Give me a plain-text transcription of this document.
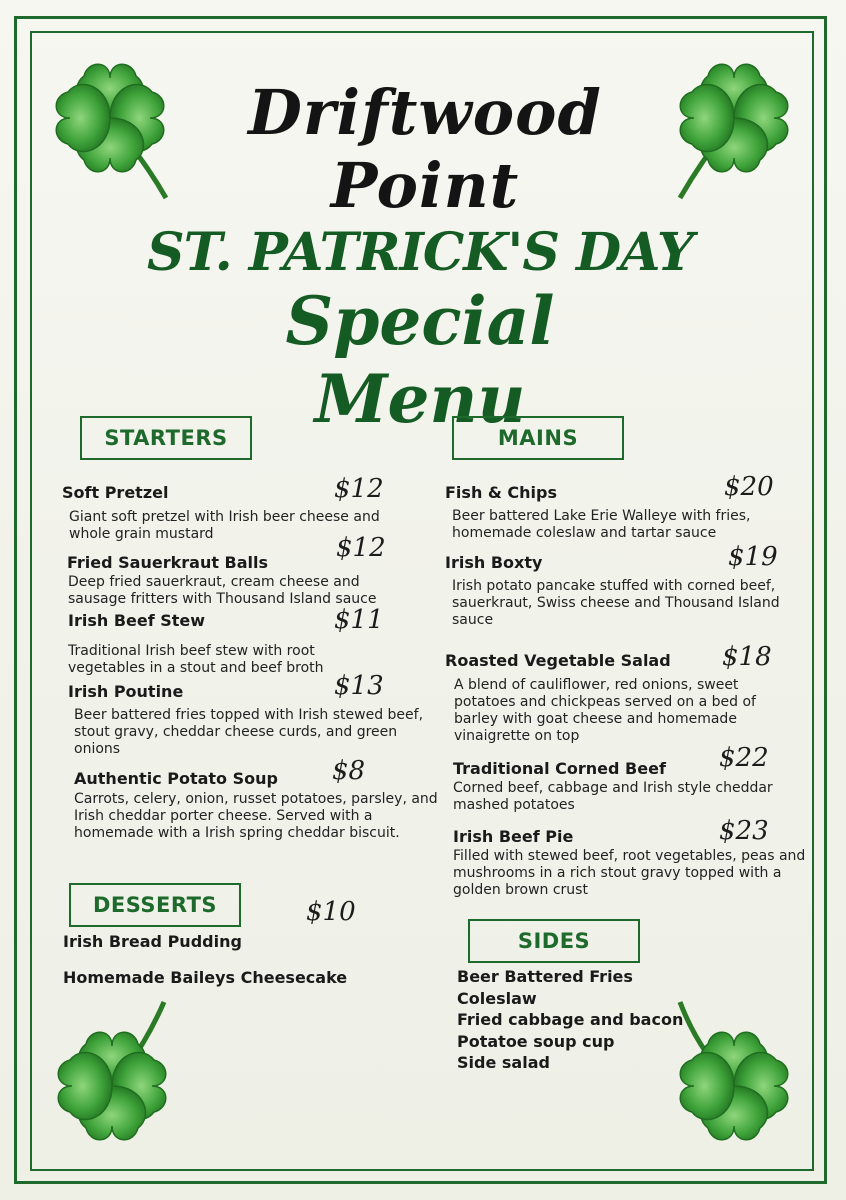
Driftwood Point
ST. PATRICK'S DAY
Special Menu
STARTERS	MAINS
DESSERTS
SIDES
Soft Pretzel	$12
Giant soft pretzel with Irish beer cheese and whole grain mustard
Fried Sauerkraut Balls	$12
Deep fried sauerkraut, cream cheese and sausage fritters with Thousand Island sauce
Irish Beef Stew	$11
Traditional Irish beef stew with root vegetables in a stout and beef broth
Irish Poutine	$13
Beer battered fries topped with Irish stewed beef, stout gravy, cheddar cheese curds, and green onions
Authentic Potato Soup $8
Carrots, celery, onion, russet potatoes, parsley, and Irish cheddar porter cheese. Served with a homemade with a Irish spring cheddar biscuit.
Fish & Chips	$20
Beer battered Lake Erie Walleye with fries, homemade coleslaw and tartar sauce
Irish Boxty	$19
Irish potato pancake stuffed with corned beef, sauerkraut, Swiss cheese and Thousand Island sauce
Roasted Vegetable Salad $18
A blend of cauliflower, red onions, sweet potatoes and chickpeas served on a bed of barley with goat cheese and homemade vinaigrette on top
Traditional Corned Beef $22
Corned beef, cabbage and Irish style cheddar mashed potatoes
Irish Beef Pie	$23
Filled with stewed beef, root vegetables, peas and mushrooms in a rich stout gravy topped with a golden brown crust
$10
Irish Bread Pudding
Homemade Baileys Cheesecake	Beer Battered Fries
Coleslaw
Fried cabbage and bacon
Potatoe soup cup
Side salad
